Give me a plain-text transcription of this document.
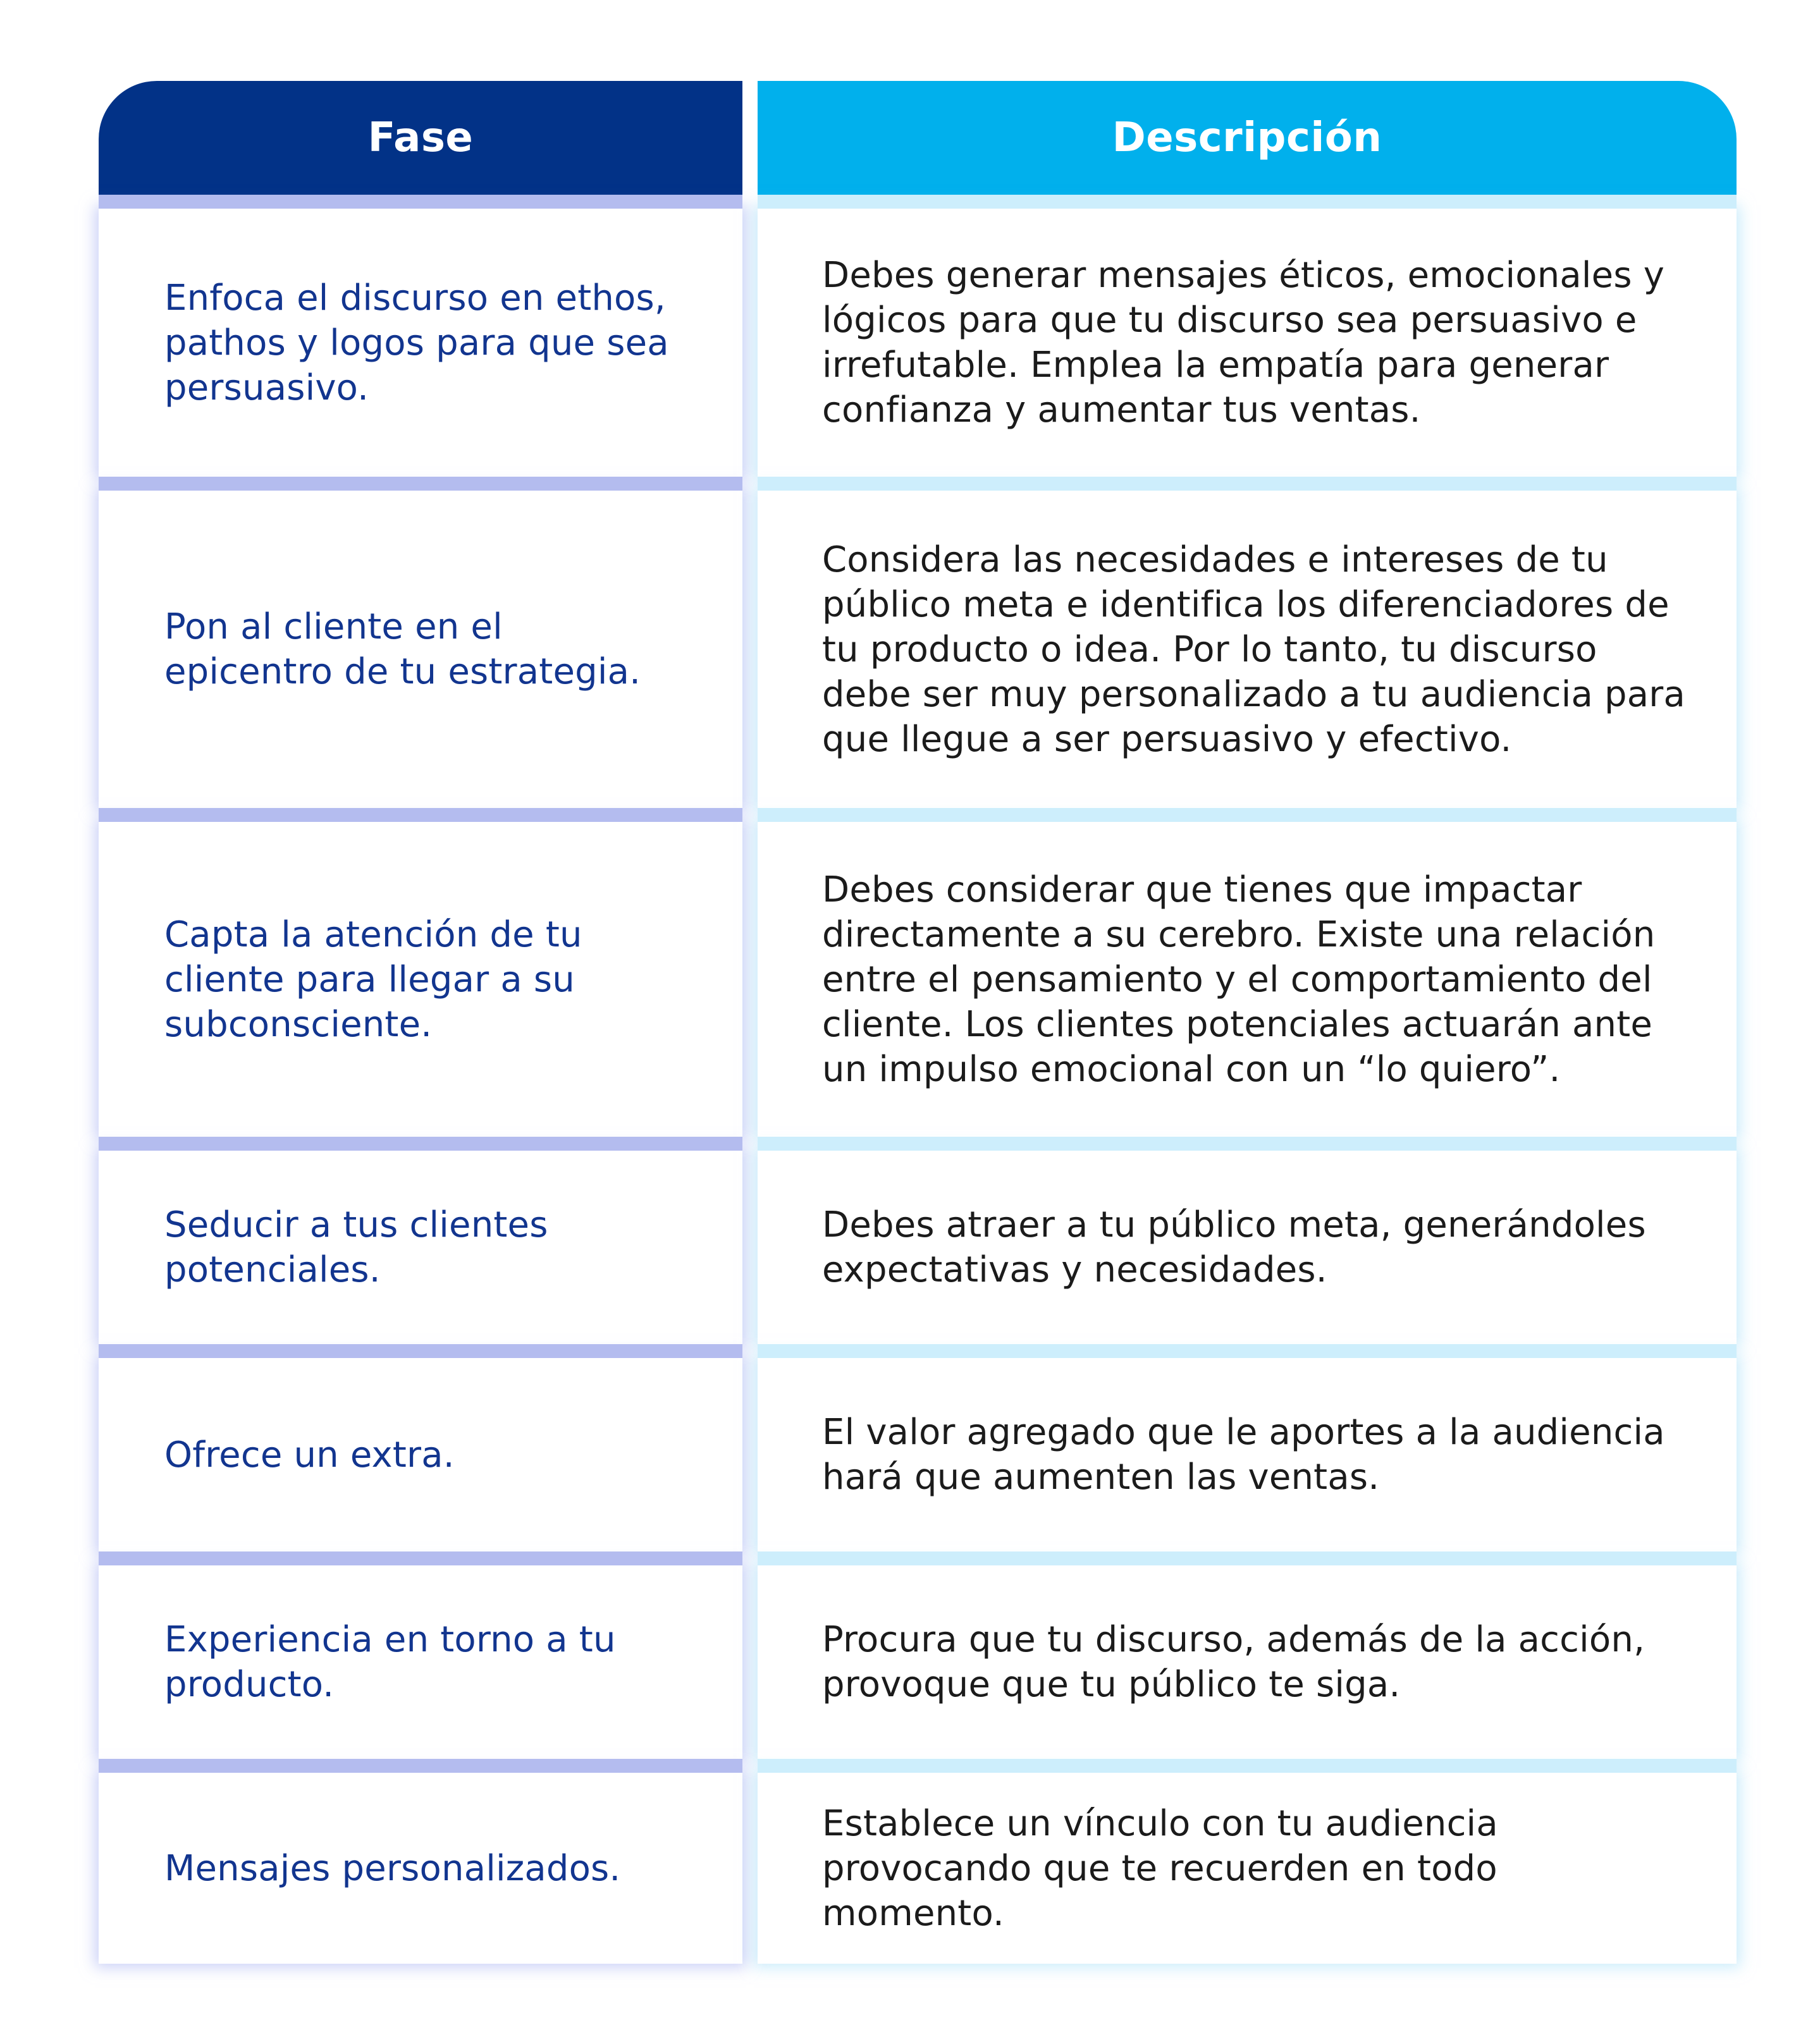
Fase	Descripción
Enfoca el discurso en ethos, pathos y logos para que sea persuasivo.
Debes generar mensajes éticos, emocionales y lógicos para que tu discurso sea persuasivo e irrefutable. Emplea la empatía para generar confianza y aumentar tus ventas.
Pon al cliente en el epicentro de tu estrategia.
Considera las necesidades e intereses de tu público meta e identifica los diferenciadores de tu producto o idea. Por lo tanto, tu discurso debe ser muy personalizado a tu audiencia para que llegue a ser persuasivo y efectivo.
Capta la atención de tu cliente para llegar a su subconsciente.
Debes considerar que tienes que impactar directamente a su cerebro. Existe una relación entre el pensamiento y el comportamiento del cliente. Los clientes potenciales actuarán ante un impulso emocional con un “lo quiero”.
Seducir a tus clientes potenciales.
Debes atraer a tu público meta, generándoles expectativas y necesidades.
Ofrece un extra.
El valor agregado que le aportes a la audiencia hará que aumenten las ventas.
Experiencia en torno a tu producto.
Procura que tu discurso, además de la acción, provoque que tu público te siga.
Mensajes personalizados.
Establece un vínculo con tu audiencia provocando que te recuerden en todo momento.
